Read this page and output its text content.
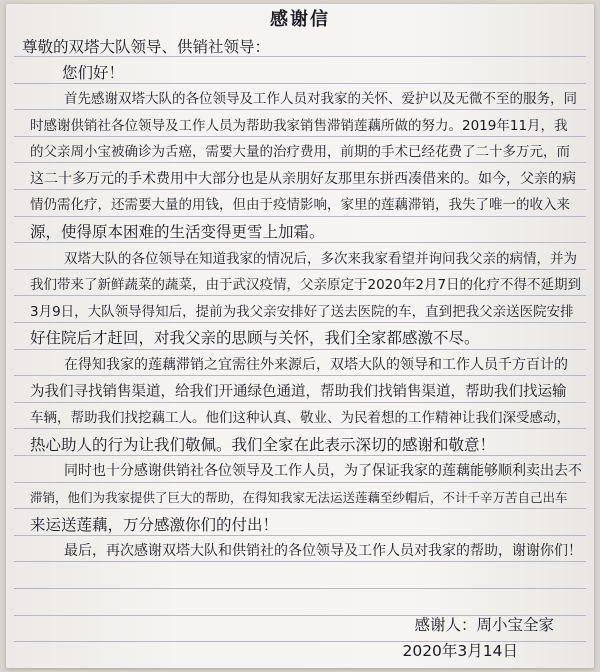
感谢信
尊敬的双塔大队领导、供销社领导：
您们好！
首先感谢双塔大队的各位领导及工作人员对我家的关怀、爱护以及无微不至的服务，同
时感谢供销社各位领导及工作人员为帮助我家销售滞销莲藕所做的努力。2019年11月，我
的父亲周小宝被确诊为舌癌，需要大量的治疗费用，前期的手术已经花费了二十多万元，而
这二十多万元的手术费用中大部分也是从亲朋好友那里东拼西凑借来的。如今，父亲的病
情仍需化疗，还需要大量的用钱，但由于疫情影响，家里的莲藕滞销，我失了唯一的收入来
源，使得原本困难的生活变得更雪上加霜。
双塔大队的各位领导在知道我家的情况后，多次来我家看望并询问我父亲的病情，并为
我们带来了新鲜蔬菜的蔬菜，由于武汉疫情，父亲原定于2020年2月7日的化疗不得不延期到
3月9日，大队领导得知后，提前为我父亲安排好了送去医院的车，直到把我父亲送医院安排
好住院后才赶回，对我父亲的思顾与关怀，我们全家都感激不尽。
在得知我家的莲藕滞销之宜需往外来源后，双塔大队的领导和工作人员千方百计的
为我们寻找销售渠道，给我们开通绿色通道，帮助我们找销售渠道，帮助我们找运输
车辆，帮助我们找挖藕工人。他们这种认真、敬业、为民着想的工作精神让我们深受感动，
热心助人的行为让我们敬佩。我们全家在此表示深切的感谢和敬意！
同时也十分感谢供销社各位领导及工作人员，为了保证我家的莲藕能够顺利卖出去不
滞销，他们为我家提供了巨大的帮助，在得知我家无法运送莲藕至纱帽后，不计千辛万苦自己出车
来运送莲藕，万分感激你们的付出！
最后，再次感谢双塔大队和供销社的各位领导及工作人员对我家的帮助，谢谢你们！
感谢人：周小宝全家
2020年3月14日
